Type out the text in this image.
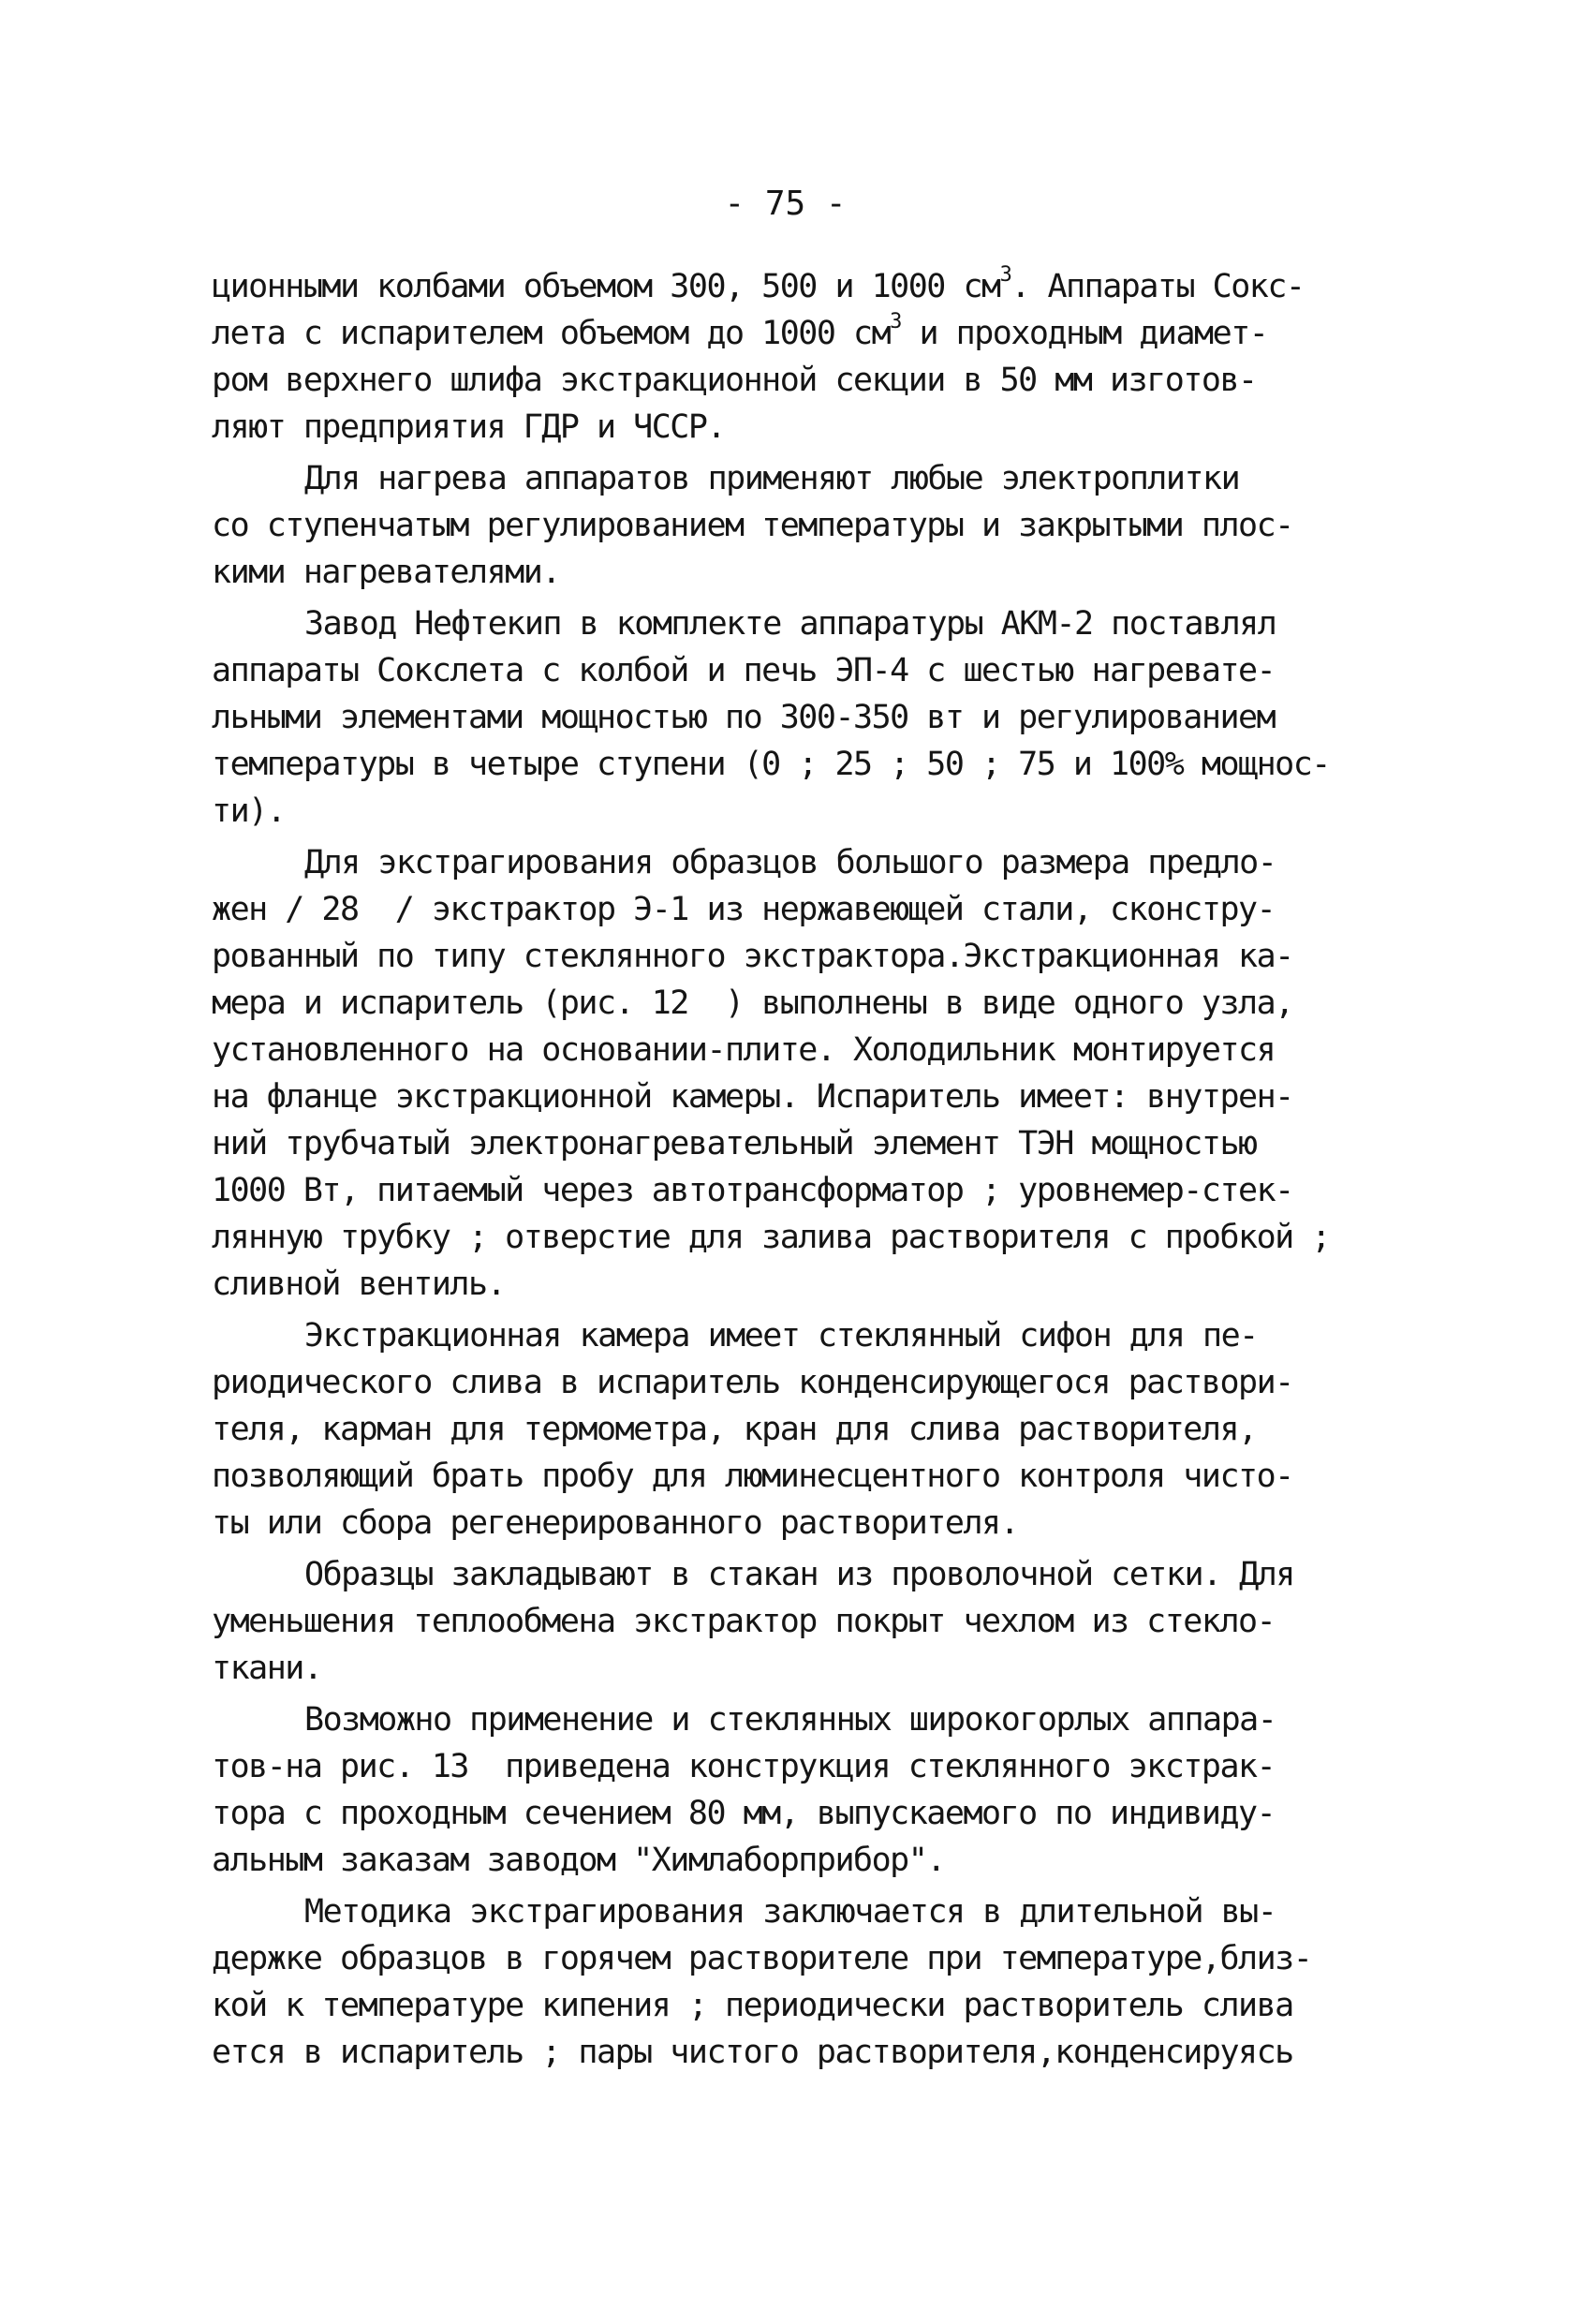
- 75 -
ционными колбами объемом 300, 500 и 1000 $см^3$. Аппараты Сокс-
лета с испарителем объемом до 1000 $см^3$ и проходным диамет-
ром верхнего шлифа экстракционной секции в 50 мм изготов-
ляют предприятия ГДР и ЧССР.
Для нагрева аппаратов применяют любые электроплитки
со ступенчатым регулированием температуры и закрытыми плос-
кими нагревателями.
Завод Нефтекип в комплекте аппаратуры АКМ-2 поставлял
аппараты Сокслета с колбой и печь ЭП-4 с шестью нагревате-
льными элементами мощностью по 300-350 вт и регулированием
температуры в четыре ступени (0 ; 25 ; 50 ; 75 и 100% мощнос-
ти).
Для экстрагирования образцов большого размера предло-
жен / 28  / экстрактор Э-1 из нержавеющей стали, сконстру-
рованный по типу стеклянного экстрактора.Экстракционная ка-
мера и испаритель (рис. 12  ) выполнены в виде одного узла,
установленного на основании-плите. Холодильник монтируется
на фланце экстракционной камеры. Испаритель имеет: внутрен-
ний трубчатый электронагревательный элемент ТЭН мощностью
1000 Вт, питаемый через автотрансформатор ; уровнемер-стек-
лянную трубку ; отверстие для залива растворителя с пробкой ;
сливной вентиль.
Экстракционная камера имеет стеклянный сифон для пе-
риодического слива в испаритель конденсирующегося раствори-
теля, карман для термометра, кран для слива растворителя,
позволяющий брать пробу для люминесцентного контроля чисто-
ты или сбора регенерированного растворителя.
Образцы закладывают в стакан из проволочной сетки. Для
уменьшения теплообмена экстрактор покрыт чехлом из стекло-
ткани.
Возможно применение и стеклянных широкогорлых аппара-
тов-на рис. 13  приведена конструкция стеклянного экстрак-
тора с проходным сечением 80 мм, выпускаемого по индивиду-
альным заказам заводом "Химлаборприбор".
Методика экстрагирования заключается в длительной вы-
держке образцов в горячем растворителе при температуре,близ-
кой к температуре кипения ; периодически растворитель слива
ется в испаритель ; пары чистого растворителя,конденсируясь
